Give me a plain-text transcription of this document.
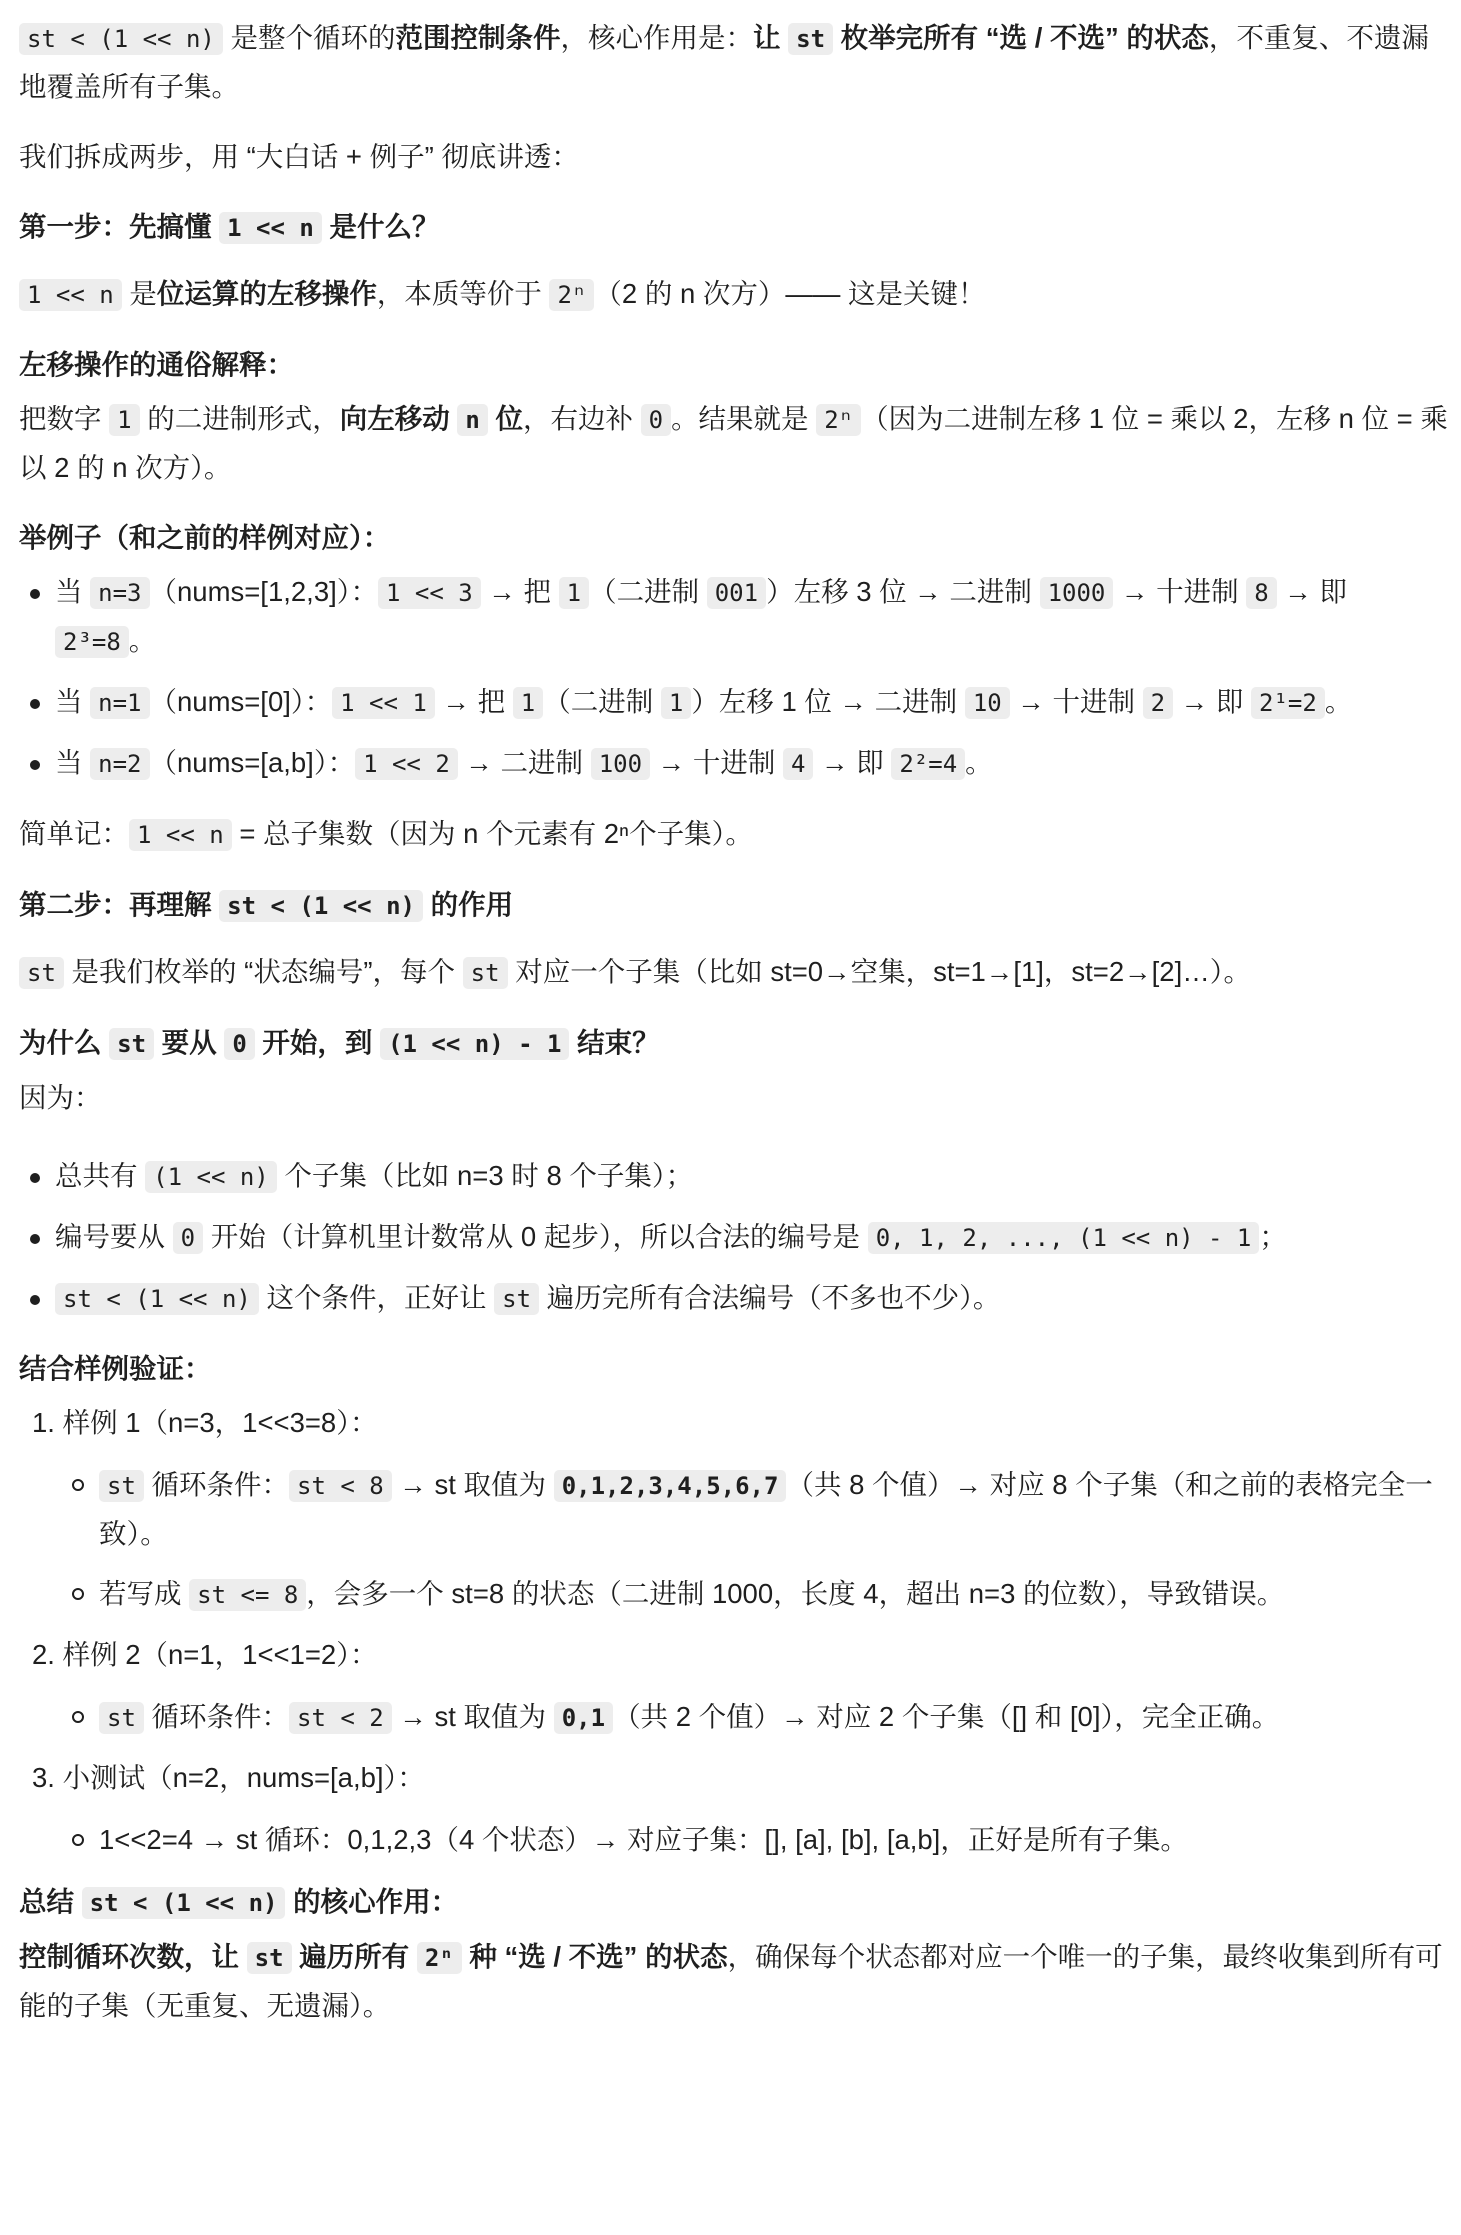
st < (1 << n) 是整个循环的范围控制条件，核心作用是：让 st 枚举完所有 “选 / 不选” 的状态，不重复、不遗漏地覆盖所有子集。

我们拆成两步，用 “大白话 + 例子” 彻底讲透：

第一步：先搞懂 1 << n 是什么？

1 << n 是位运算的左移操作，本质等价于 2ⁿ （2 的 n 次方）—— 这是关键！

左移操作的通俗解释：

把数字 1 的二进制形式，向左移动 n 位，右边补 0 。结果就是 2ⁿ （因为二进制左移 1 位 = 乘以 2，左移 n 位 = 乘以 2 的 n 次方）。

举例子（和之前的样例对应）：
当 n=3 （nums=[1,2,3]）： 1 << 3 → 把 1 （二进制 001 ）左移 3 位 → 二进制 1000 → 十进制 8 → 即 2³=8 。
当 n=1 （nums=[0]）： 1 << 1 → 把 1 （二进制 1 ）左移 1 位 → 二进制 10 → 十进制 2 → 即 2¹=2 。
当 n=2 （nums=[a,b]）： 1 << 2 → 二进制 100 → 十进制 4 → 即 2²=4 。

简单记： 1 << n = 总子集数（因为 n 个元素有 2ⁿ个子集）。

第二步：再理解 st < (1 << n) 的作用

st 是我们枚举的 “状态编号”，每个 st 对应一个子集（比如 st=0→空集，st=1→[1]，st=2→[2]…）。

为什么 st 要从 0 开始，到 (1 << n) - 1 结束？

因为：

总共有 (1 << n) 个子集（比如 n=3 时 8 个子集）；
编号要从 0 开始（计算机里计数常从 0 起步），所以合法的编号是 0, 1, 2, ..., (1 << n) - 1 ；
st < (1 << n) 这个条件，正好让 st 遍历完所有合法编号（不多也不少）。
结合样例验证：
1. 样例 1（n=3，1<<3=8）：
st 循环条件： st < 8 → st 取值为 0,1,2,3,4,5,6,7 （共 8 个值）→ 对应 8 个子集（和之前的表格完全一致）。
若写成 st <= 8 ，会多一个 st=8 的状态（二进制 1000，长度 4，超出 n=3 的位数），导致错误。
2. 样例 2（n=1，1<<1=2）：
st 循环条件： st < 2 → st 取值为 0,1 （共 2 个值）→ 对应 2 个子集（[] 和 [0]），完全正确。
3. 小测试（n=2，nums=[a,b]）：
1<<2=4 → st 循环：0,1,2,3（4 个状态）→ 对应子集：[], [a], [b], [a,b]，正好是所有子集。
总结 st < (1 << n) 的核心作用：

控制循环次数，让 st 遍历所有 2ⁿ 种 “选 / 不选” 的状态，确保每个状态都对应一个唯一的子集，最终收集到所有可能的子集（无重复、无遗漏）。
